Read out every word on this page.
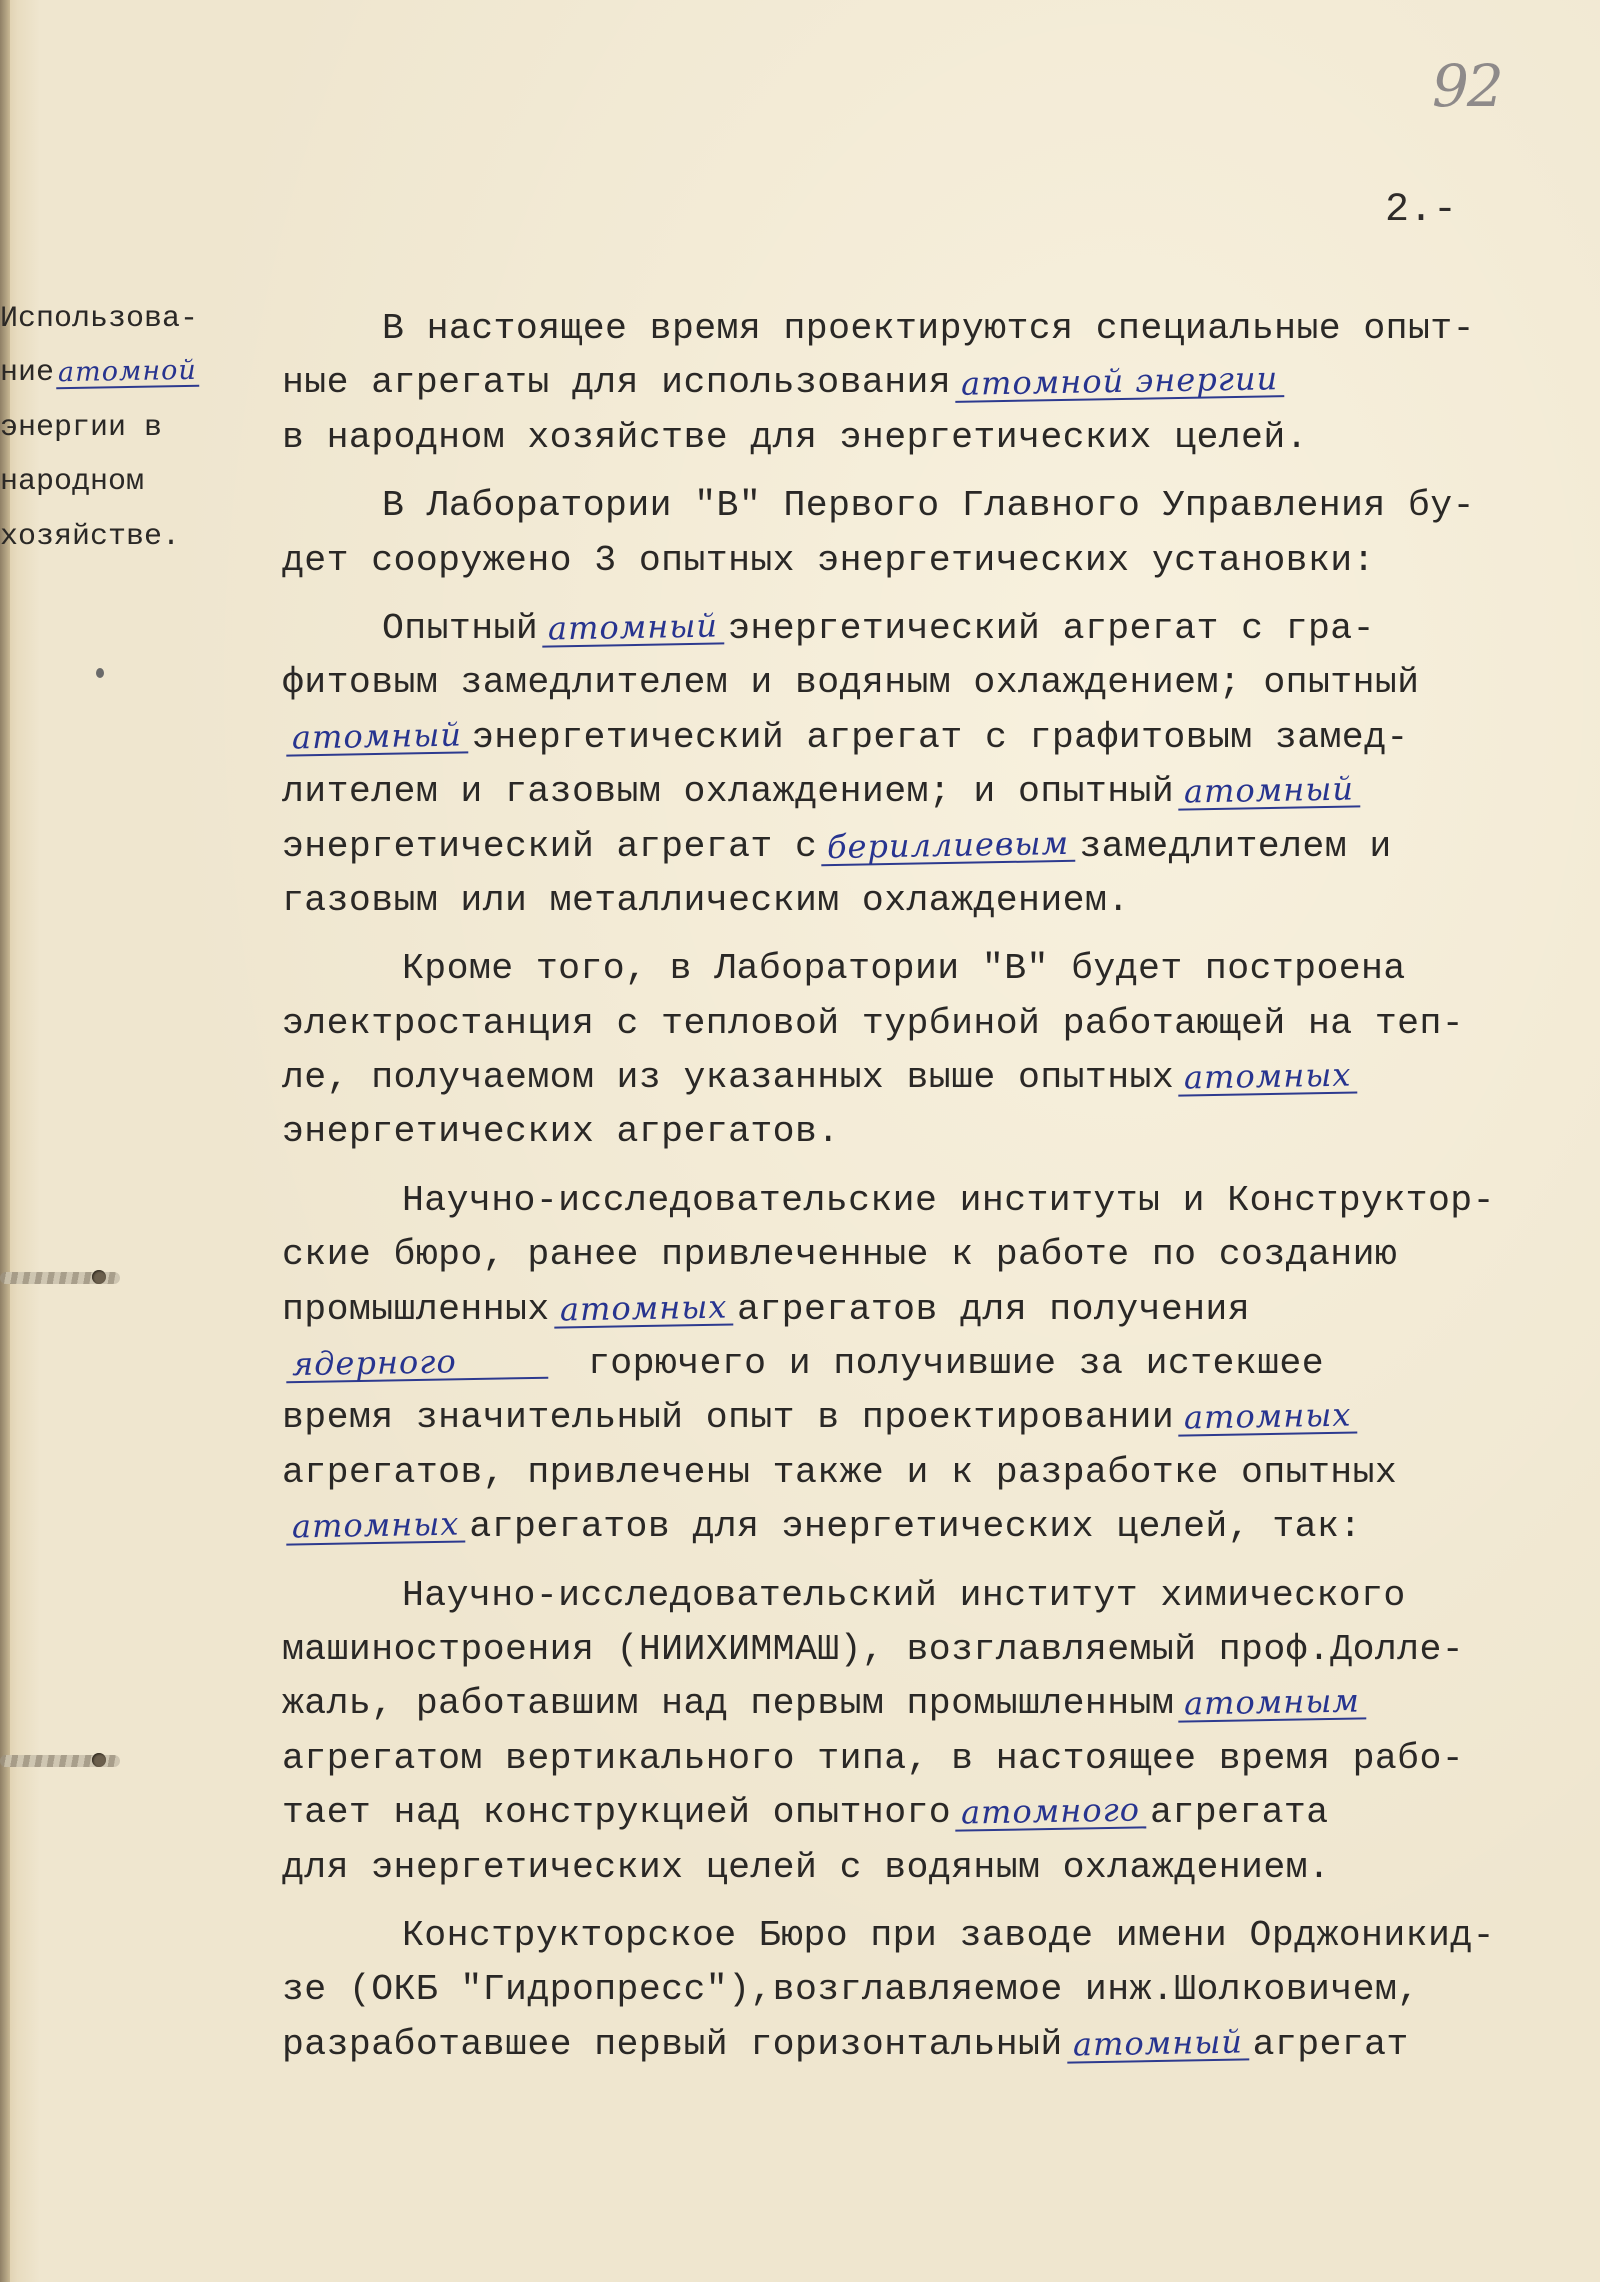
92
2.-
Использова-
ние атомной
энергии в
народном
хозяйстве.
В настоящее время проектируются специальные опыт-
ные агрегаты для использования атомной энергии
в народном хозяйстве для энергетических целей.
В Лаборатории "В" Первого Главного Управления бу-
дет сооружено 3 опытных энергетических установки:
Опытный атомный энергетический агрегат с гра-
фитовым замедлителем и водяным охлаждением; опытный
атомный энергетический агрегат с графитовым замед-
лителем и газовым охлаждением; и опытный атомный
энергетический агрегат с бериллиевым замедлителем и
газовым или металлическим охлаждением.
Кроме того, в Лаборатории "В" будет построена
электростанция с тепловой турбиной работающей на теп-
ле, получаемом из указанных выше опытных атомных
энергетических агрегатов.
Научно-исследовательские институты и Конструктор-
ские бюро, ранее привлеченные к работе по созданию
промышленных атомных агрегатов для получения
ядерного	горючего и получившие за истекшее
время значительный опыт в проектировании атомных
агрегатов, привлечены также и к разработке опытных
атомных агрегатов для энергетических целей, так:
Научно-исследовательский институт химического
машиностроения (НИИХИММАШ), возглавляемый проф.Долле-
жаль, работавшим над первым промышленным атомным
агрегатом вертикального типа, в настоящее время рабо-
тает над конструкцией опытного атомного агрегата
для энергетических целей с водяным охлаждением.
Конструкторское Бюро при заводе имени Орджоникид-
зе (ОКБ "Гидропресс"),возглавляемое инж.Шолковичем,
разработавшее первый горизонтальный атомный агрегат
